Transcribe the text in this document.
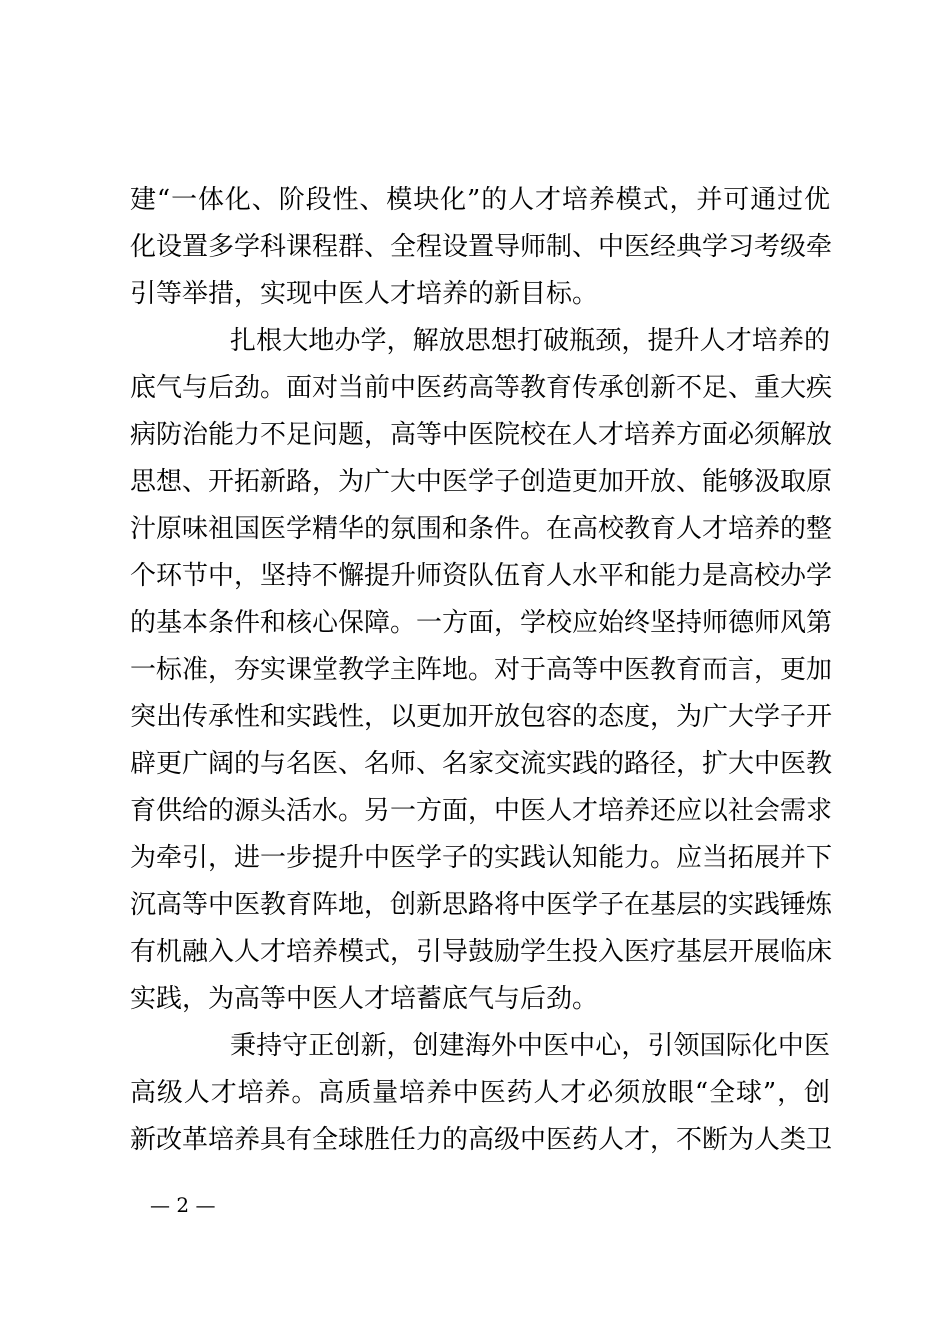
建“一体化、阶段性、模块化”的人才培养模式，并可通过优
化设置多学科课程群、全程设置导师制、中医经典学习考级牵
引等举措，实现中医人才培养的新目标。
扎根大地办学，解放思想打破瓶颈，提升人才培养的
底气与后劲。面对当前中医药高等教育传承创新不足、重大疾
病防治能力不足问题，高等中医院校在人才培养方面必须解放
思想、开拓新路，为广大中医学子创造更加开放、能够汲取原
汁原味祖国医学精华的氛围和条件。在高校教育人才培养的整
个环节中，坚持不懈提升师资队伍育人水平和能力是高校办学
的基本条件和核心保障。一方面，学校应始终坚持师德师风第
一标准，夯实课堂教学主阵地。对于高等中医教育而言，更加
突出传承性和实践性，以更加开放包容的态度，为广大学子开
辟更广阔的与名医、名师、名家交流实践的路径，扩大中医教
育供给的源头活水。另一方面，中医人才培养还应以社会需求
为牵引，进一步提升中医学子的实践认知能力。应当拓展并下
沉高等中医教育阵地，创新思路将中医学子在基层的实践锤炼
有机融入人才培养模式，引导鼓励学生投入医疗基层开展临床
实践，为高等中医人才培蓄底气与后劲。
秉持守正创新，创建海外中医中心，引领国际化中医
高级人才培养。高质量培养中医药人才必须放眼“全球”，创
新改革培养具有全球胜任力的高级中医药人才，不断为人类卫
— 2 —
